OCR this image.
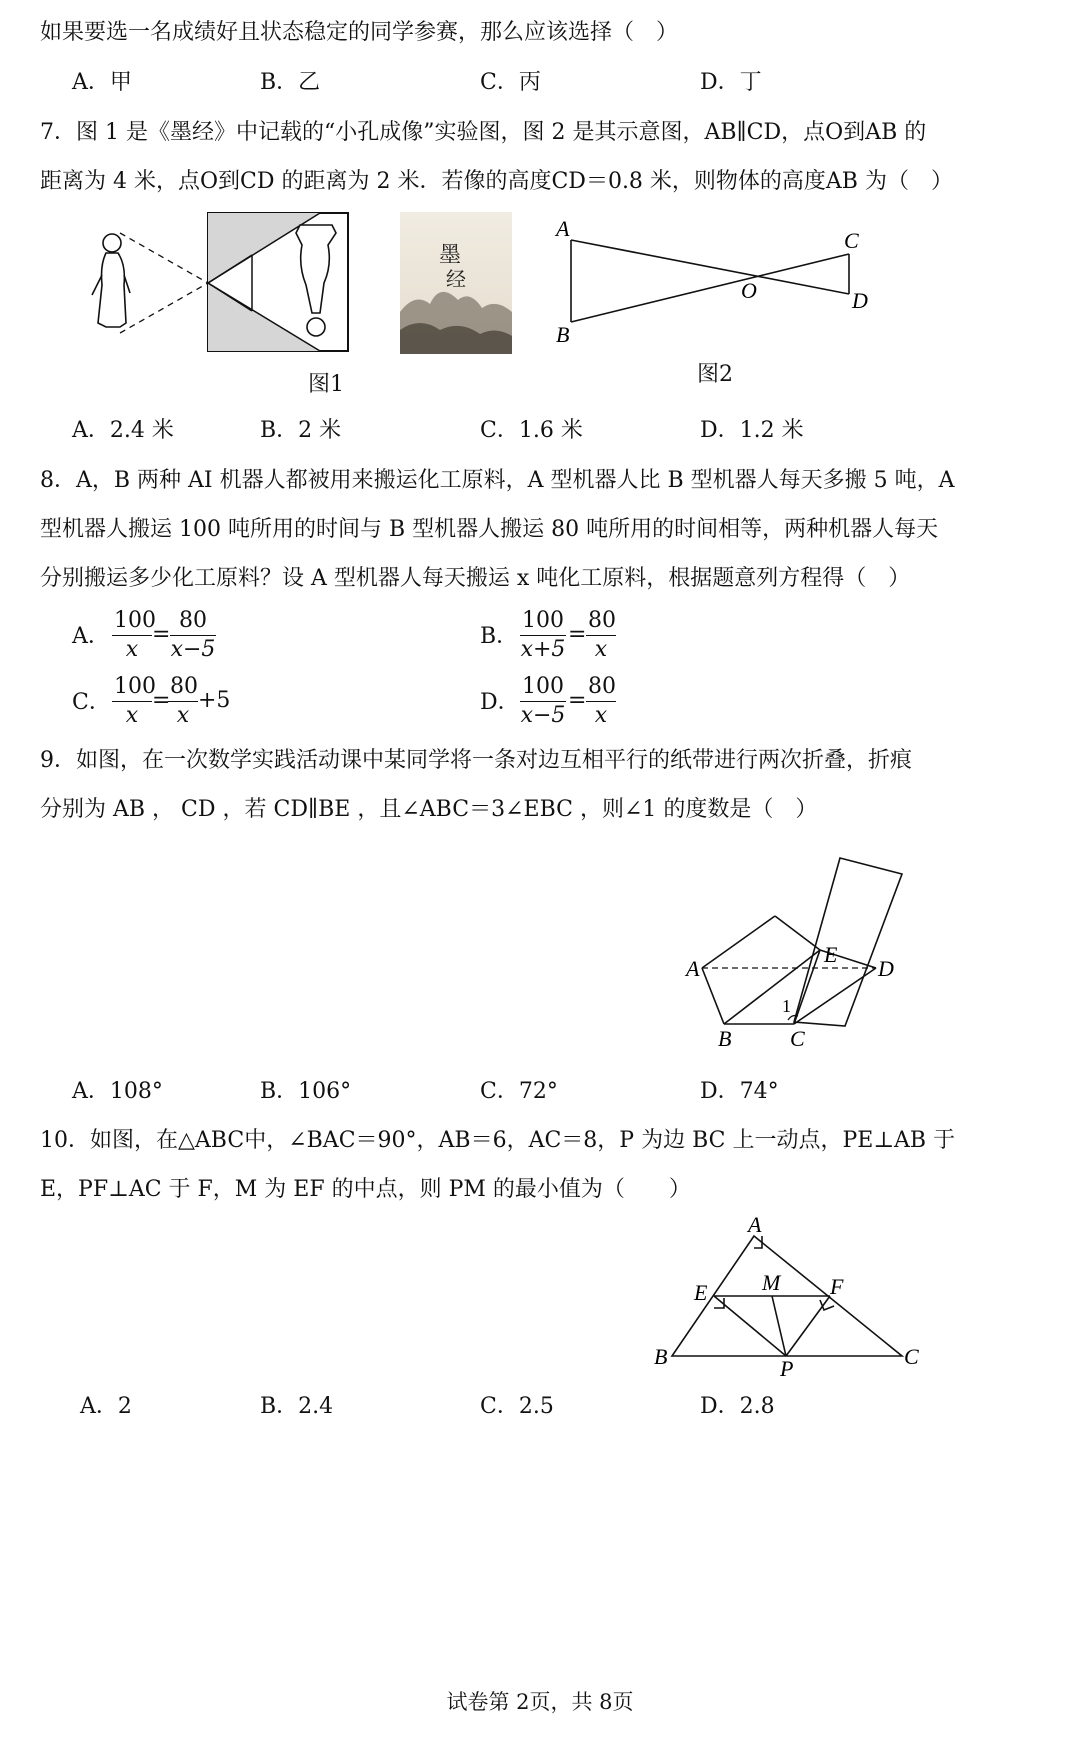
如果要选一名成绩好且状态稳定的同学参赛，那么应该选择（　）
A．甲	B．乙	C．丙	D．丁
7．图 1 是《墨经》中记载的“小孔成像”实验图，图 2 是其示意图，AB∥CD，点O到AB 的
距离为 4 米，点O到CD 的距离为 2 米．若像的高度CD＝0.8 米，则物体的高度AB 为（　）
图1
墨
经
A
B
C
D
O
图2
A．2.4 米	B．2 米	C．1.6 米	D．1.2 米
8．A，B 两种 AI 机器人都被用来搬运化工原料，A 型机器人比 B 型机器人每天多搬 5 吨，A
型机器人搬运 100 吨所用的时间与 B 型机器人搬运 80 吨所用的时间相等，两种机器人每天
分别搬运多少化工原料？设 A 型机器人每天搬运 x 吨化工原料，根据题意列方程得（　）
A． $\frac{100}{x} = \frac{80}{x-5}$	B． $\frac{100}{x+5} = \frac{80}{x}$
C． $\frac{100}{x}$ =
$\frac{80}{x} +5$	D． $\frac{100}{x-5} = \frac{80}{x}$
9．如图，在一次数学实践活动课中某同学将一条对边互相平行的纸带进行两次折叠，折痕
分别为 AB ， CD ，若 CD∥BE ，且∠ABC＝3∠EBC ，则∠1 的度数是（　）
A
B	C
D
E
1
A．108°	B．106°	C．72°	D．74°
10．如图，在△ABC中，∠BAC＝90°，AB＝6，AC＝8，P 为边 BC 上一动点，PE⊥AB 于
E，PF⊥AC 于 F，M 为 EF 的中点，则 PM 的最小值为（　　）
A
B	C
E	F
M
P
A．2	B．2.4	C．2.5	D．2.8
试卷第 2页，共 8页
